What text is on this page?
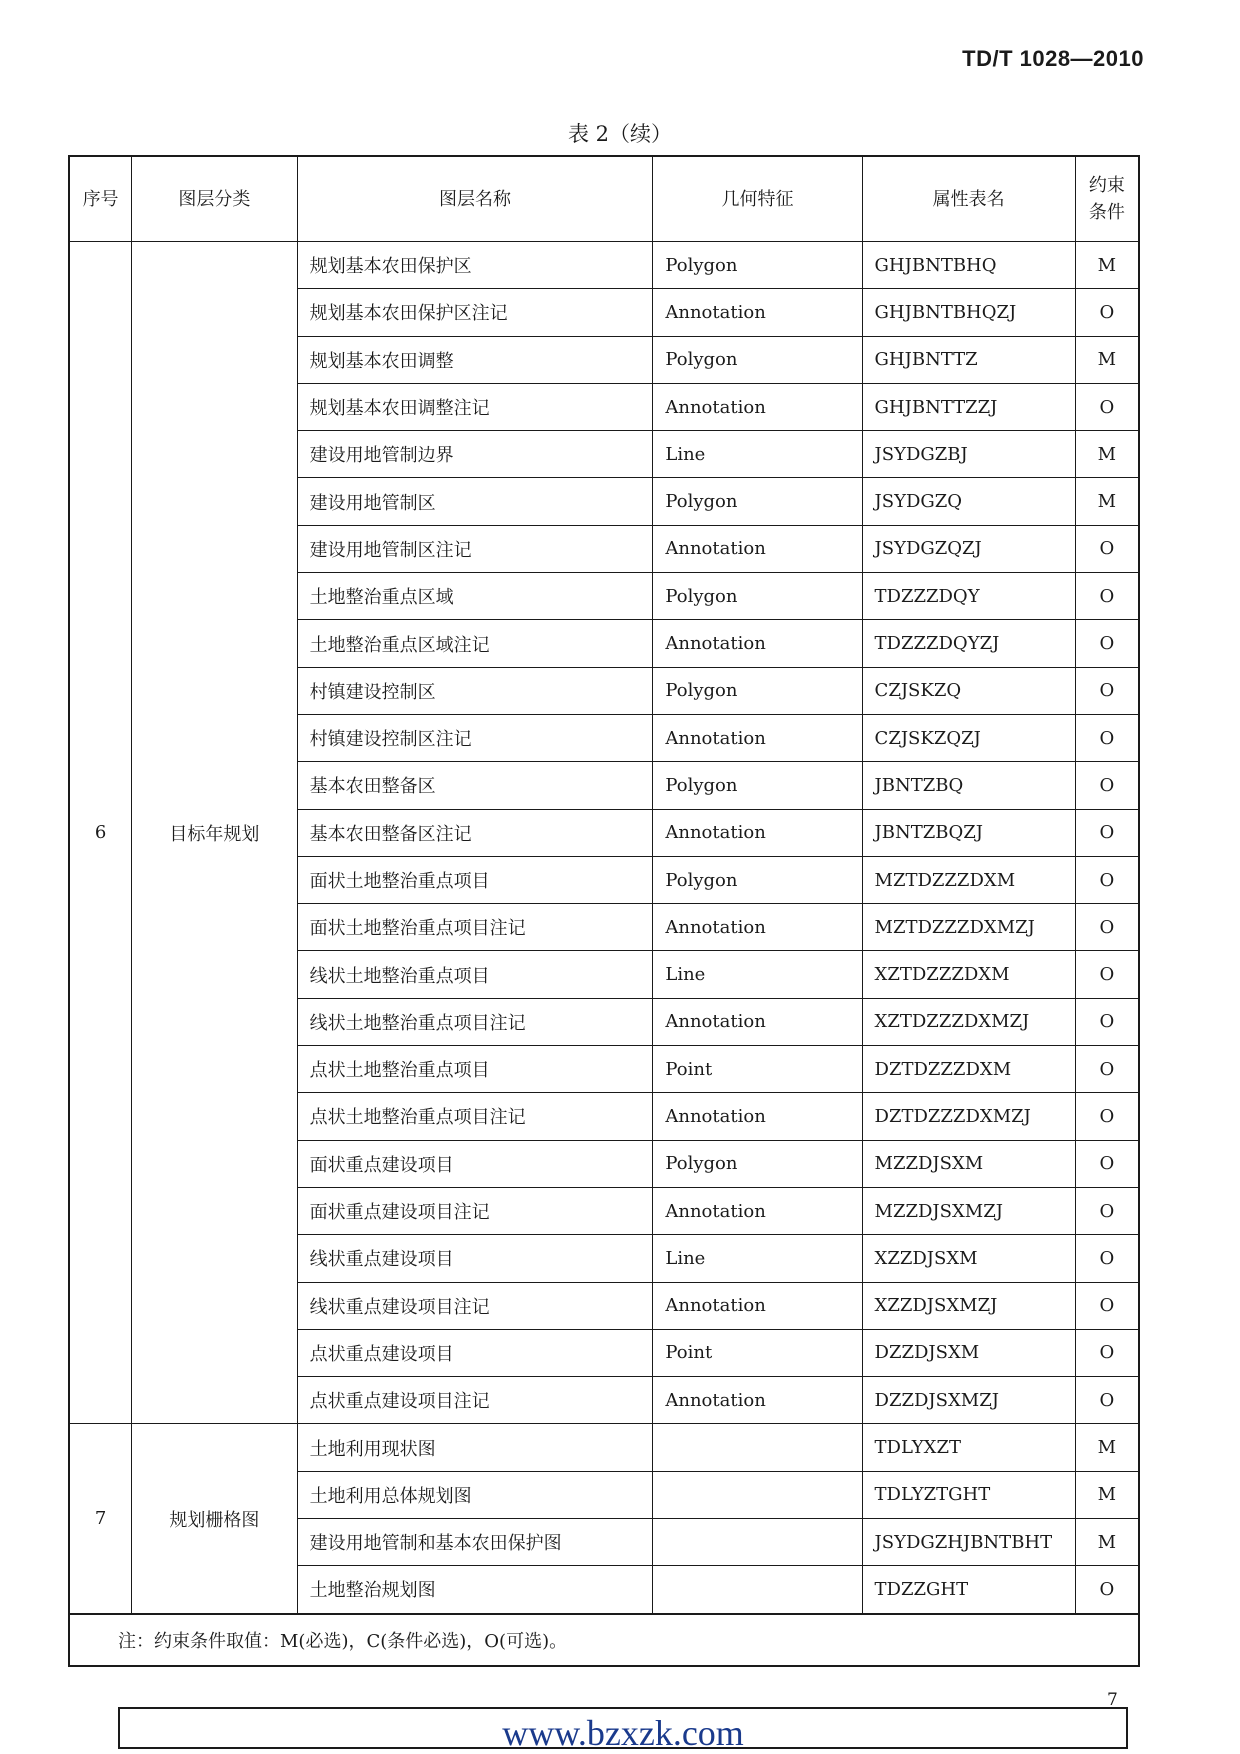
TD/T 1028—2010
表 2（续）
序号	图层分类	图层名称	几何特征	属性表名	约束条件
6	目标年规划	规划基本农田保护区	Polygon	GHJBNTBHQ	M
		规划基本农田保护区注记	Annotation	GHJBNTBHQZJ	O
		规划基本农田调整	Polygon	GHJBNTTZ	M
		规划基本农田调整注记	Annotation	GHJBNTTZZJ	O
		建设用地管制边界	Line	JSYDGZBJ	M
		建设用地管制区	Polygon	JSYDGZQ	M
		建设用地管制区注记	Annotation	JSYDGZQZJ	O
		土地整治重点区域	Polygon	TDZZZDQY	O
		土地整治重点区域注记	Annotation	TDZZZDQYZJ	O
		村镇建设控制区	Polygon	CZJSKZQ	O
		村镇建设控制区注记	Annotation	CZJSKZQZJ	O
		基本农田整备区	Polygon	JBNTZBQ	O
		基本农田整备区注记	Annotation	JBNTZBQZJ	O
		面状土地整治重点项目	Polygon	MZTDZZZDXM	O
		面状土地整治重点项目注记	Annotation	MZTDZZZDXMZJ	O
		线状土地整治重点项目	Line	XZTDZZZDXM	O
		线状土地整治重点项目注记	Annotation	XZTDZZZDXMZJ	O
		点状土地整治重点项目	Point	DZTDZZZDXM	O
		点状土地整治重点项目注记	Annotation	DZTDZZZDXMZJ	O
		面状重点建设项目	Polygon	MZZDJSXM	O
		面状重点建设项目注记	Annotation	MZZDJSXMZJ	O
		线状重点建设项目	Line	XZZDJSXM	O
		线状重点建设项目注记	Annotation	XZZDJSXMZJ	O
		点状重点建设项目	Point	DZZDJSXM	O
		点状重点建设项目注记	Annotation	DZZDJSXMZJ	O
7	规划栅格图	土地利用现状图		TDLYXZT	M
		土地利用总体规划图		TDLYZTGHT	M
		建设用地管制和基本农田保护图		JSYDGZHJBNTBHT	M
		土地整治规划图		TDZZGHT	O
注：约束条件取值：M(必选)，C(条件必选)，O(可选)。					
7
www.bzxzk.com
